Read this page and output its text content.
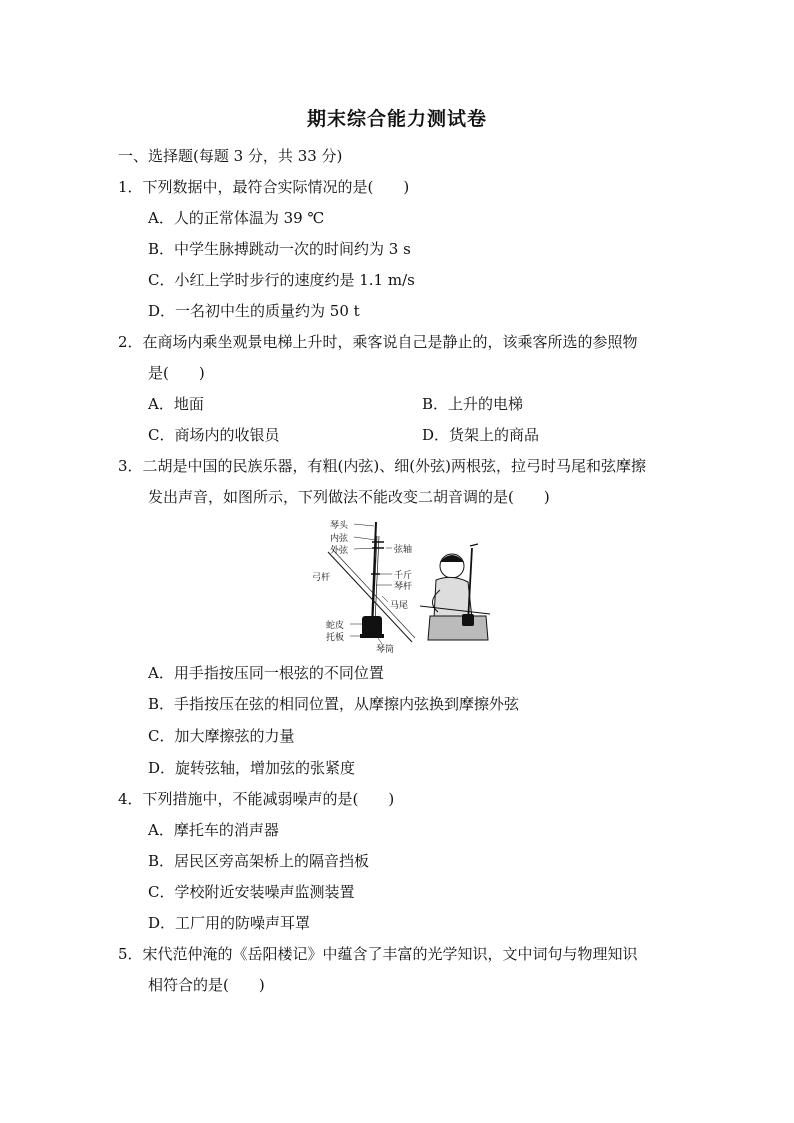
期末综合能力测试卷
一、选择题(每题 3 分，共 33 分)
1．下列数据中，最符合实际情况的是(　　)
A．人的正常体温为 39 ℃
B．中学生脉搏跳动一次的时间约为 3 s
C．小红上学时步行的速度约是 1.1 m/s
D．一名初中生的质量约为 50 t
2．在商场内乘坐观景电梯上升时，乘客说自己是静止的，该乘客所选的参照物
是(　　)
A．地面	B．上升的电梯
C．商场内的收银员	D．货架上的商品
3．二胡是中国的民族乐器，有粗(内弦)、细(外弦)两根弦，拉弓时马尾和弦摩擦
发出声音，如图所示，下列做法不能改变二胡音调的是(　　)
琴头
内弦
外弦	弦轴
弓杆	千斤
琴杆
马尾
蛇皮
托板
琴筒
A．用手指按压同一根弦的不同位置
B．手指按压在弦的相同位置，从摩擦内弦换到摩擦外弦
C．加大摩擦弦的力量
D．旋转弦轴，增加弦的张紧度
4．下列措施中，不能减弱噪声的是(　　)
A．摩托车的消声器
B．居民区旁高架桥上的隔音挡板
C．学校附近安装噪声监测装置
D．工厂用的防噪声耳罩
5．宋代范仲淹的《岳阳楼记》中蕴含了丰富的光学知识，文中词句与物理知识
相符合的是(　　)
